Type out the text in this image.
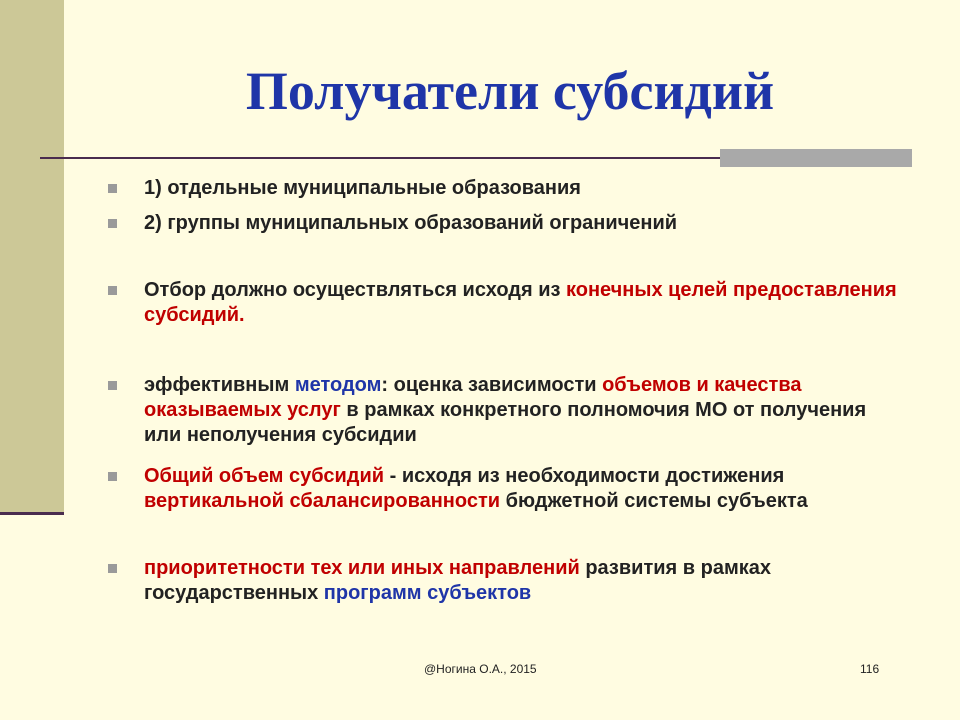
Получатели субсидий
1) отдельные муниципальные образования
2) группы муниципальных образований ограничений
Отбор должно осуществляться исходя из конечных целей предоставления субсидий.
эффективным методом: оценка зависимости объемов и качества оказываемых услуг в рамках конкретного полномочия МО от получения или неполучения субсидии
Общий объем субсидий - исходя из необходимости достижения вертикальной сбалансированности бюджетной системы субъекта
приоритетности тех или иных направлений развития в рамках государственных программ субъектов
@Ногина О.А., 2015	116
